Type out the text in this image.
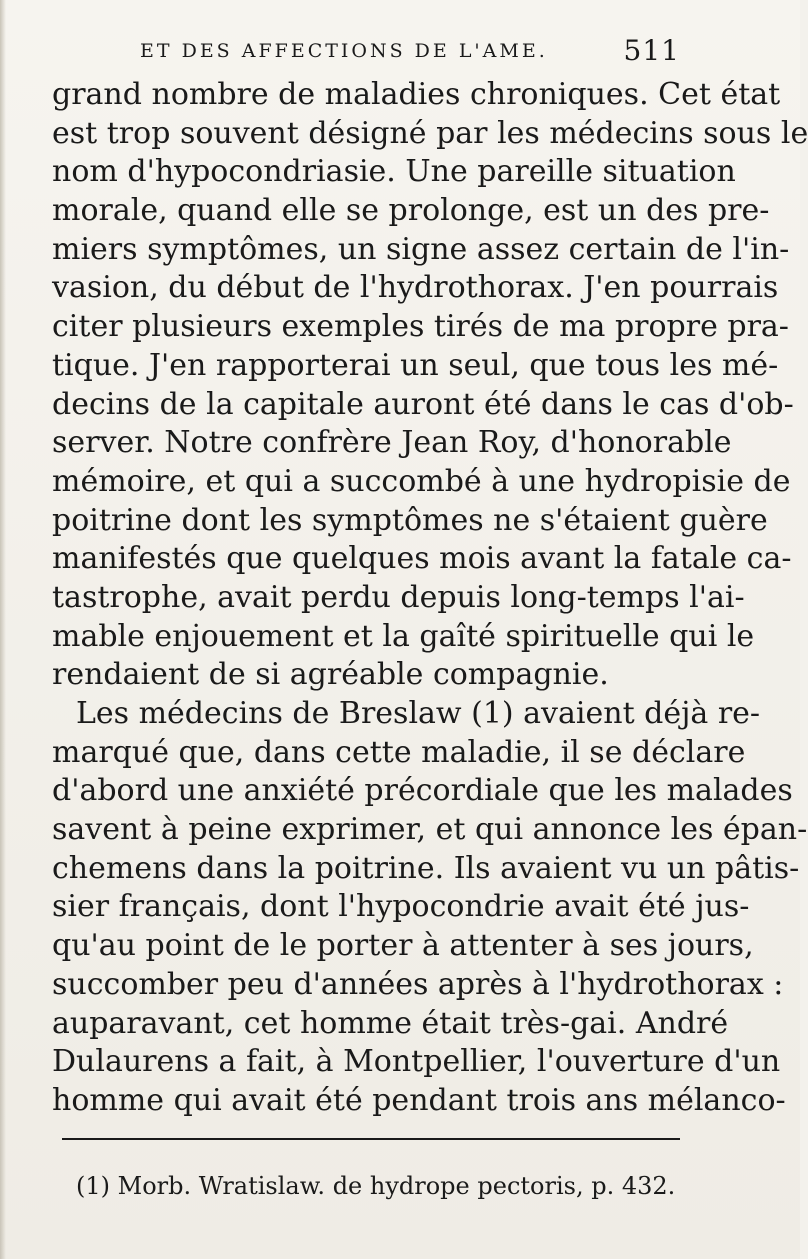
ET DES AFFECTIONS DE L'AME.	511
grand nombre de maladies chroniques. Cet état
est trop souvent désigné par les médecins sous le
nom d'hypocondriasie. Une pareille situation
morale, quand elle se prolonge, est un des pre-
miers symptômes, un signe assez certain de l'in-
vasion, du début de l'hydrothorax. J'en pourrais
citer plusieurs exemples tirés de ma propre pra-
tique. J'en rapporterai un seul, que tous les mé-
decins de la capitale auront été dans le cas d'ob-
server. Notre confrère Jean Roy, d'honorable
mémoire, et qui a succombé à une hydropisie de
poitrine dont les symptômes ne s'étaient guère
manifestés que quelques mois avant la fatale ca-
tastrophe, avait perdu depuis long-temps l'ai-
mable enjouement et la gaîté spirituelle qui le
rendaient de si agréable compagnie.
Les médecins de Breslaw (1) avaient déjà re-
marqué que, dans cette maladie, il se déclare
d'abord une anxiété précordiale que les malades
savent à peine exprimer, et qui annonce les épan-
chemens dans la poitrine. Ils avaient vu un pâtis-
sier français, dont l'hypocondrie avait été jus-
qu'au point de le porter à attenter à ses jours,
succomber peu d'années après à l'hydrothorax :
auparavant, cet homme était très-gai. André
Dulaurens a fait, à Montpellier, l'ouverture d'un
homme qui avait été pendant trois ans mélanco-
(1) Morb. Wratislaw. de hydrope pectoris, p. 432.
